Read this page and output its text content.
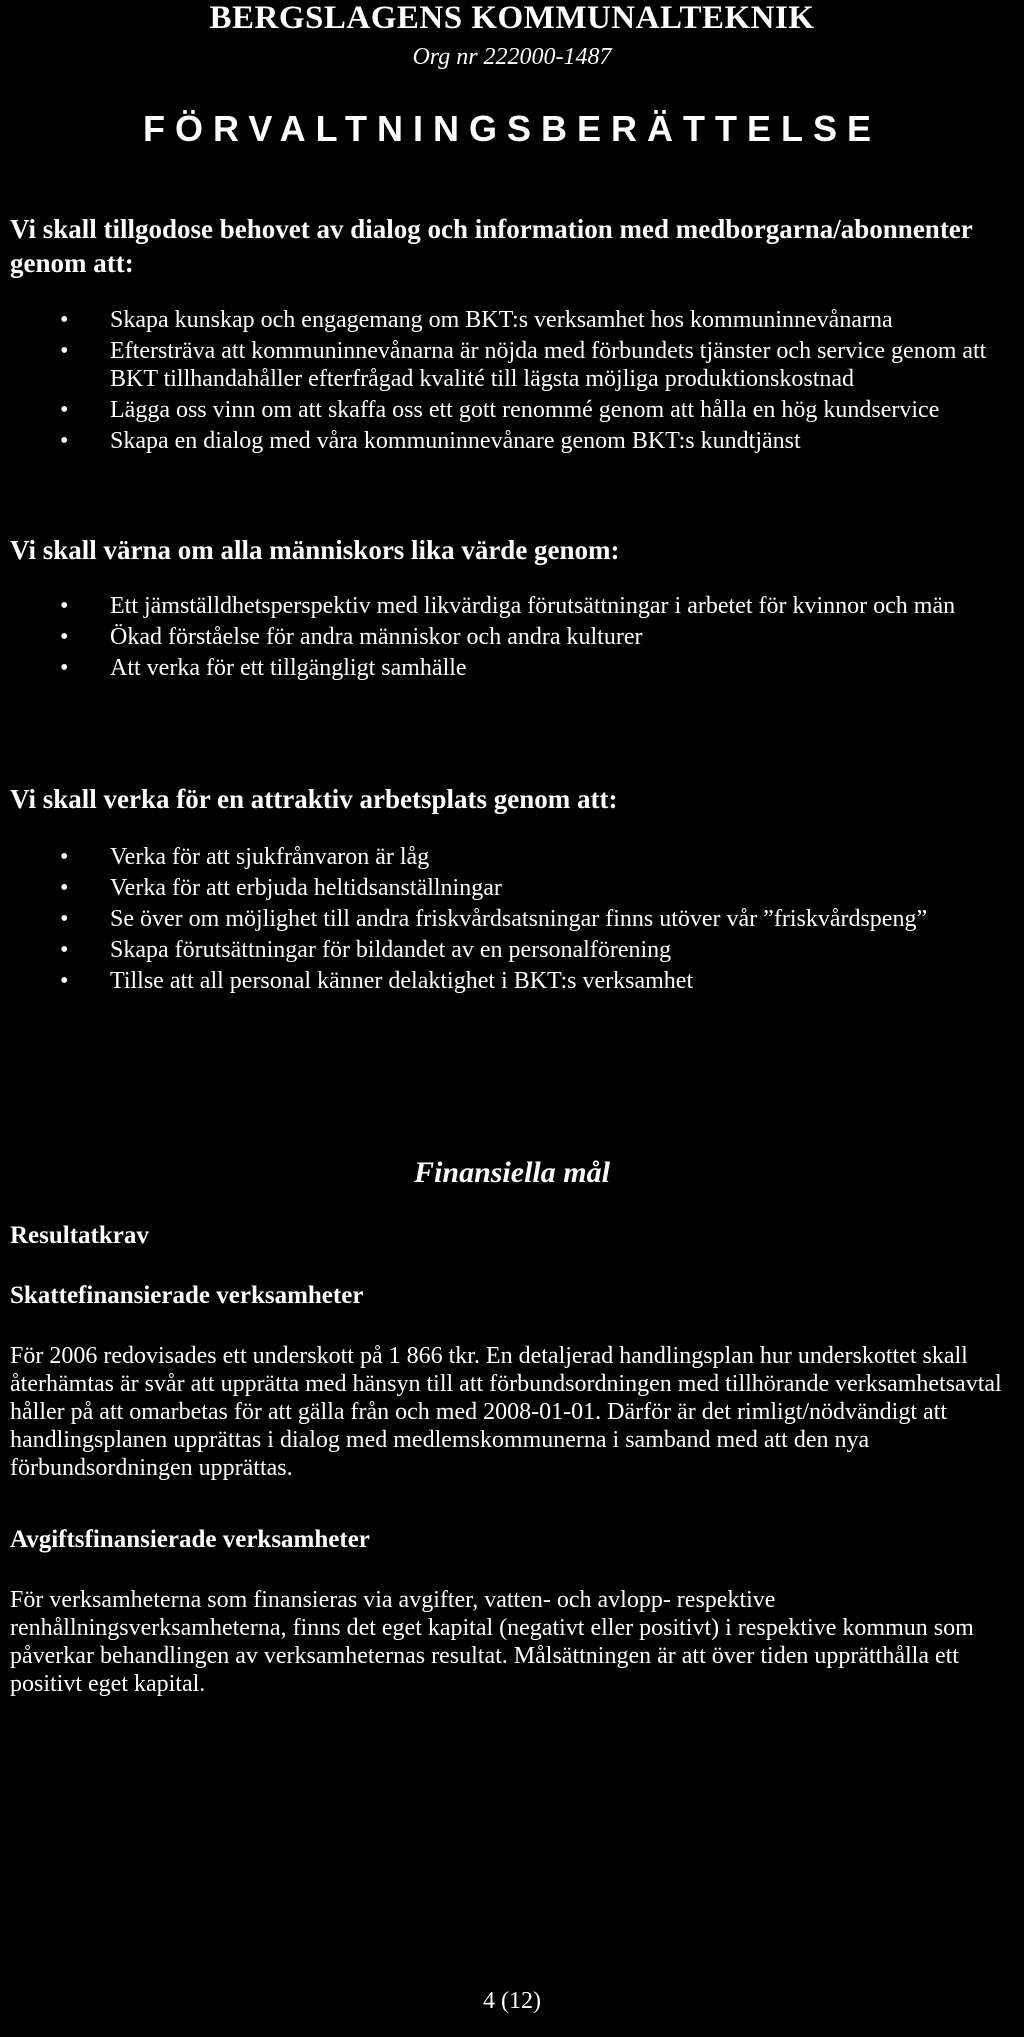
BERGSLAGENS KOMMUNALTEKNIK
Org nr 222000-1487
FÖRVALTNINGSBERÄTTELSE
Vi skall tillgodose behovet av dialog och information med medborgarna/abonnenter genom att:
•	Skapa kunskap och engagemang om BKT:s verksamhet hos kommuninnevånarna
•	Eftersträva att kommuninnevånarna är nöjda med förbundets tjänster och service genom att BKT tillhandahåller efterfrågad kvalité till lägsta möjliga produktionskostnad
•	Lägga oss vinn om att skaffa oss ett gott renommé genom att hålla en hög kundservice
•	Skapa en dialog med våra kommuninnevånare genom BKT:s kundtjänst
Vi skall värna om alla människors lika värde genom:
•	Ett jämställdhetsperspektiv med likvärdiga förutsättningar i arbetet för kvinnor och män
•	Ökad förståelse för andra människor och andra kulturer
•	Att verka för ett tillgängligt samhälle
Vi skall verka för en attraktiv arbetsplats genom att:
•	Verka för att sjukfrånvaron är låg
•	Verka för att erbjuda heltidsanställningar
•	Se över om möjlighet till andra friskvårdsatsningar finns utöver vår ”friskvårdspeng”
•	Skapa förutsättningar för bildandet av en personalförening
•	Tillse att all personal känner delaktighet i BKT:s verksamhet
Finansiella mål
Resultatkrav
Skattefinansierade verksamheter
För 2006 redovisades ett underskott på 1 866 tkr. En detaljerad handlingsplan hur underskottet skall återhämtas är svår att upprätta med hänsyn till att förbundsordningen med tillhörande verksamhetsavtal håller på att omarbetas för att gälla från och med 2008-01-01. Därför är det rimligt/nödvändigt att handlingsplanen upprättas i dialog med medlemskommunerna i samband med att den nya förbundsordningen upprättas.
Avgiftsfinansierade verksamheter
För verksamheterna som finansieras via avgifter, vatten- och avlopp- respektive renhållningsverksamheterna, finns det eget kapital (negativt eller positivt) i respektive kommun som påverkar behandlingen av verksamheternas resultat. Målsättningen är att över tiden upprätthålla ett positivt eget kapital.
4 (12)
